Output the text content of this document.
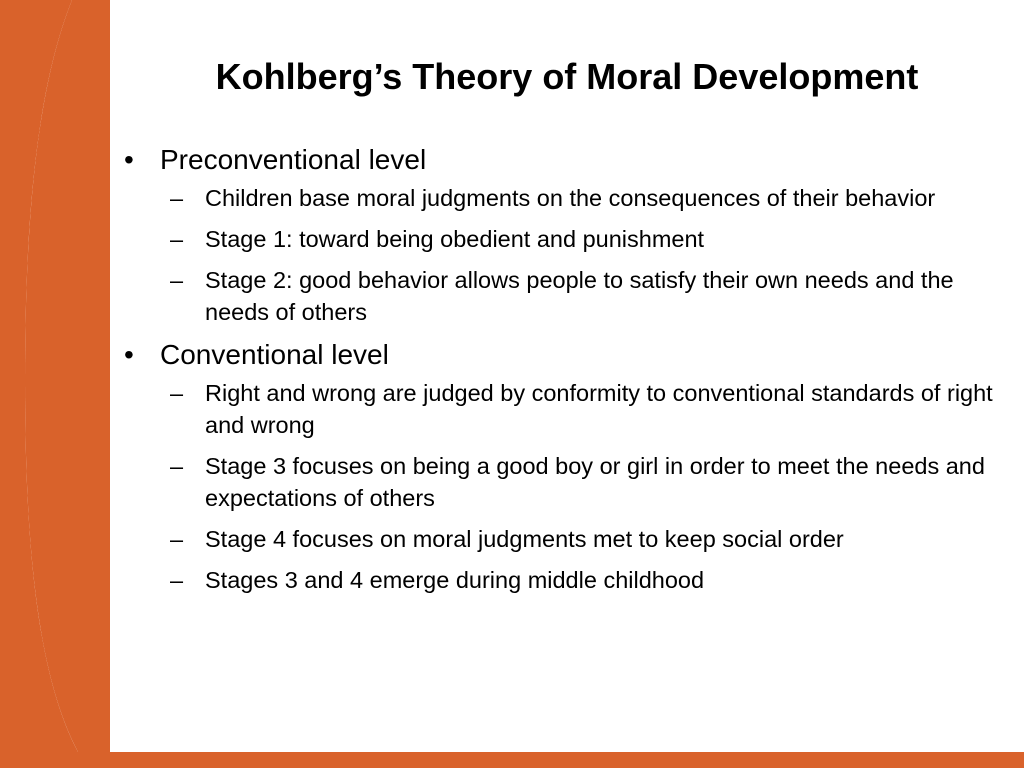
Kohlberg’s Theory of Moral Development
• Preconventional level
– Children base moral judgments on the consequences of their behavior
– Stage 1: toward being obedient and punishment
– Stage 2: good behavior allows people to satisfy their own needs and the needs of others
• Conventional level
– Right and wrong are judged by conformity to conventional standards of right and wrong
– Stage 3 focuses on being a good boy or girl in order to meet the needs and expectations of others
– Stage 4 focuses on moral judgments met to keep social order
– Stages 3 and 4 emerge during middle childhood
